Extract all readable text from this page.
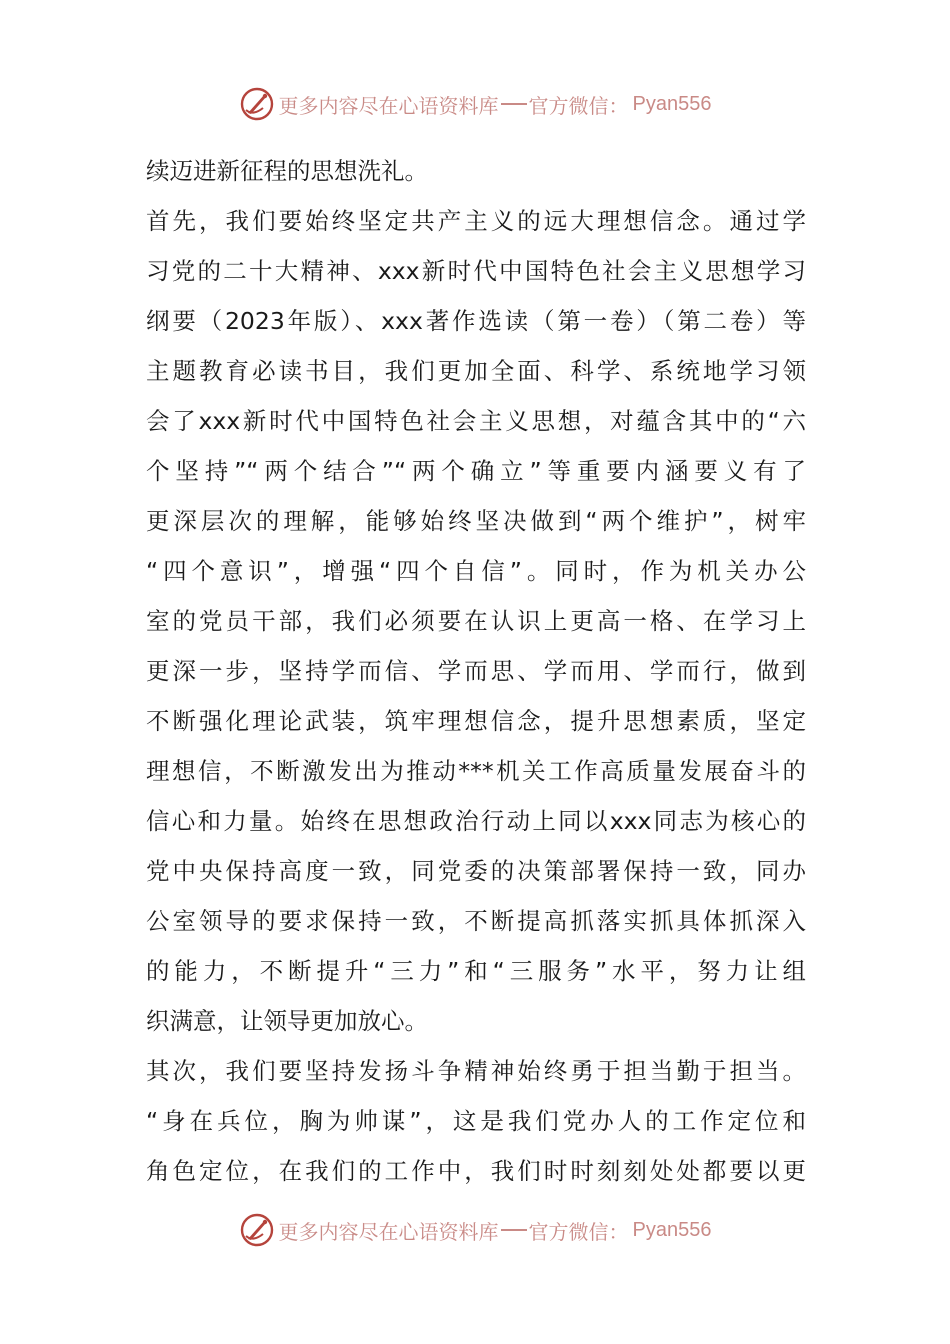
更多内容尽在心语资料库 官方微信： Pyan556
续迈进新征程的思想洗礼。
首先，我们要始终坚定共产主义的远大理想信念。通过学
习党的二十大精神、xxx新时代中国特色社会主义思想学习
纲要（2023年版）、xxx著作选读（第一卷）（第二卷）等
主题教育必读书目，我们更加全面、科学、系统地学习领
会了xxx新时代中国特色社会主义思想，对蕴含其中的“六
个坚持”“两个结合”“两个确立”等重要内涵要义有了
更深层次的理解，能够始终坚决做到“两个维护”，树牢
“四个意识”，增强“四个自信”。同时，作为机关办公
室的党员干部，我们必须要在认识上更高一格、在学习上
更深一步，坚持学而信、学而思、学而用、学而行，做到
不断强化理论武装，筑牢理想信念，提升思想素质，坚定
理想信，不断激发出为推动***机关工作高质量发展奋斗的
信心和力量。始终在思想政治行动上同以xxx同志为核心的
党中央保持高度一致，同党委的决策部署保持一致，同办
公室领导的要求保持一致，不断提高抓落实抓具体抓深入
的能力，不断提升“三力”和“三服务”水平，努力让组
织满意，让领导更加放心。
其次，我们要坚持发扬斗争精神始终勇于担当勤于担当。
“身在兵位，胸为帅谋”，这是我们党办人的工作定位和
角色定位，在我们的工作中，我们时时刻刻处处都要以更
更多内容尽在心语资料库 官方微信： Pyan556
